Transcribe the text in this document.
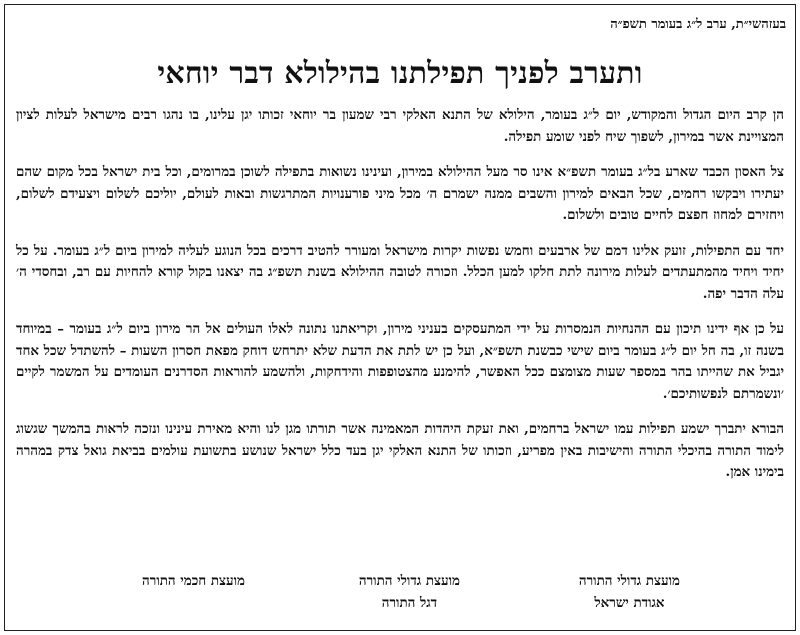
בעזהשי״ת, ערב ל״ג בעומר תשפ״ה
ותערב לפניך תפילתנו בהילולא דבר יוחאי

הן קרב היום הגדול והמקודש, יום ל״ג בעומר, הילולא של התנא האלקי רבי שמעון בר יוחאי זכותו יגן עלינו, בו נהגו רבים מישראל לעלות לציון המצויינת אשר במירון, לשפוך שיח לפני שומע תפילה.

צל האסון הכבד שארע בל״ג בעומר תשפ״א אינו סר מעל ההילולא במירון, ועינינו נשואות בתפילה לשוכן במרומים, וכל בית ישראל בכל מקום שהם יעתירו ויבקשו רחמים, שכל הבאים למירון והשבים ממנה ישמרם ה׳ מכל מיני פורענויות המתרגשות ובאות לעולם, יוליכם לשלום ויצעידם לשלום, ויחזירם למחוז חפצם לחיים טובים ולשלום.

יחד עם התפילות, זועק אלינו דמם של ארבעים וחמש נפשות יקרות מישראל ומעורר להטיב דרכים בכל הנוגע לעליה למירון ביום ל״ג בעומר. על כל יחיד ויחיד מהמתעתדים לעלות מירונה לתת חלקו למען הכלל. וזכורה לטובה ההילולא בשנת תשפ״ג בה יצאנו בקול קורא להחיות עם רב, ובחסדי ה׳ עלה הדבר יפה.

על כן אף ידינו תיכון עם ההנחיות הנמסרות על ידי המתעסקים בעניני מירון, וקריאתנו נתונה לאלו העולים אל הר מירון ביום ל״ג בעומר – במיוחד בשנה זו, בה חל יום ל״ג בעומר ביום שישי כבשנת תשפ״א, ועל כן יש לתת את הדעת שלא יתרחש דוחק מפאת חסרון השעות – להשתדל שכל אחד יגביל את שהייתו בהר במספר שעות מצומצם ככל האפשר, להימנע מהצטופפות והידחקות, ולהשמע להוראות הסדרנים העומדים על המשמר לקיים ׳ונשמרתם לנפשותיכם׳.

הבורא יתברך ישמע תפילות עמו ישראל ברחמים, ואת זעקת היהדות המאמינה אשר תורתו מגן לנו והיא מאירת עינינו ונזכה לראות בהמשך שגשוג לימוד התורה בהיכלי התורה והישיבות באין מפריע, וזכותו של התנא האלקי יגן בעד כלל ישראל שנושע בתשועת עולמים בביאת גואל צדק במהרה בימינו אמן.

מועצת גדולי התורה
אגודת ישראל
מועצת גדולי התורה
דגל התורה
מועצת חכמי התורה
